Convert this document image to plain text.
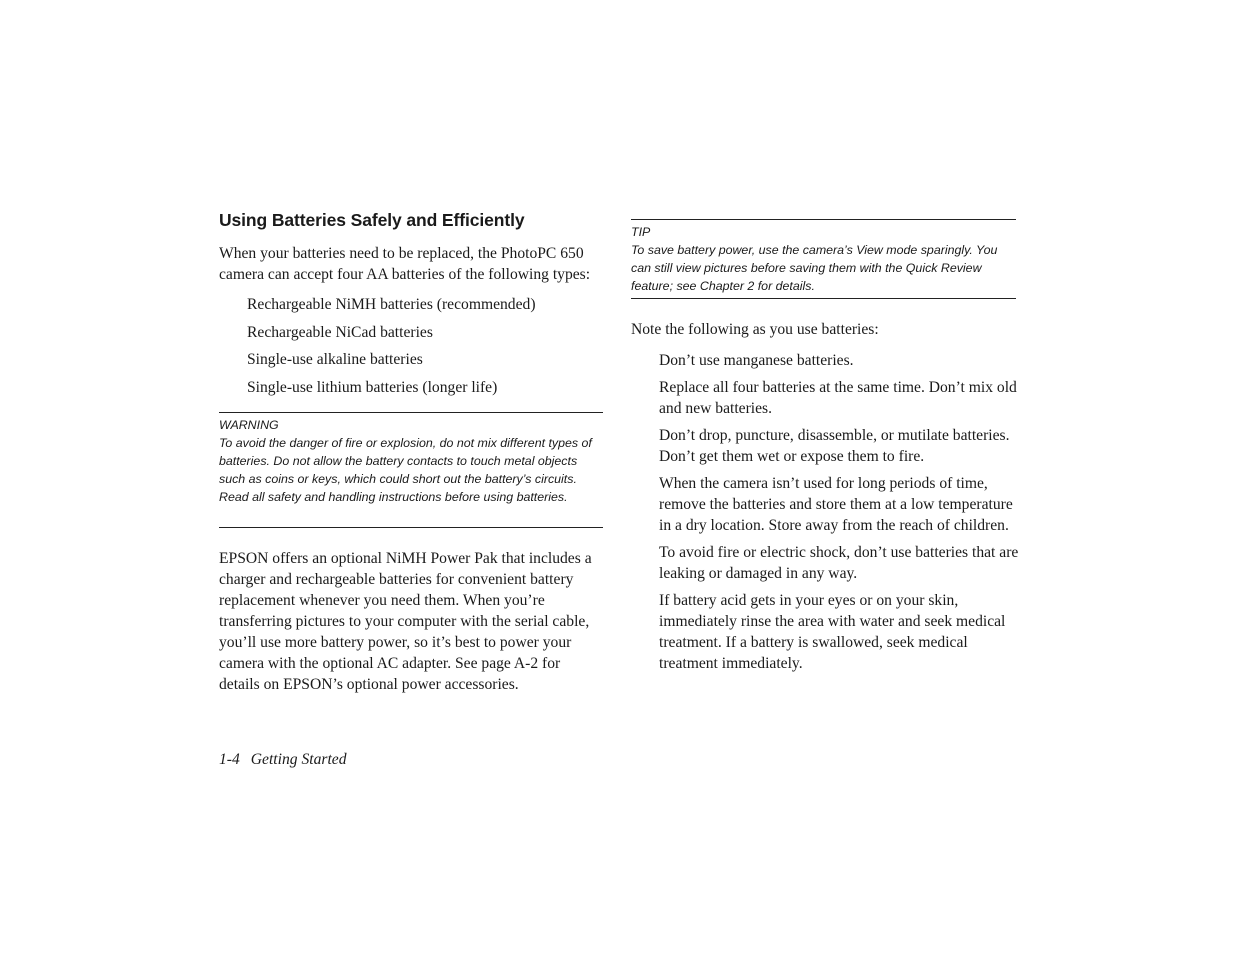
Using Batteries Safely and Efficiently

When your batteries need to be replaced, the PhotoPC 650 camera can accept four AA batteries of the following types:

Rechargeable NiMH batteries (recommended)
Rechargeable NiCad batteries
Single-use alkaline batteries
Single-use lithium batteries (longer life)

WARNING

To avoid the danger of fire or explosion, do not mix different types of batteries. Do not allow the battery contacts to touch metal objects such as coins or keys, which could short out the battery’s circuits. Read all safety and handling instructions before using batteries.

EPSON offers an optional NiMH Power Pak that includes a charger and rechargeable batteries for convenient battery replacement whenever you need them. When you’re transferring pictures to your computer with the serial cable, you’ll use more battery power, so it’s best to power your camera with the optional AC adapter. See page A-2 for details on EPSON’s optional power accessories.

TIP

To save battery power, use the camera’s View mode sparingly. You can still view pictures before saving them with the Quick Review feature; see Chapter 2 for details.

Note the following as you use batteries:

Don’t use manganese batteries.
Replace all four batteries at the same time. Don’t mix old and new batteries.
Don’t drop, puncture, disassemble, or mutilate batteries. Don’t get them wet or expose them to fire.
When the camera isn’t used for long periods of time, remove the batteries and store them at a low temperature in a dry location. Store away from the reach of children.
To avoid fire or electric shock, don’t use batteries that are leaking or damaged in any way.
If battery acid gets in your eyes or on your skin, immediately rinse the area with water and seek medical treatment. If a battery is swallowed, seek medical treatment immediately.

1-4 Getting Started
